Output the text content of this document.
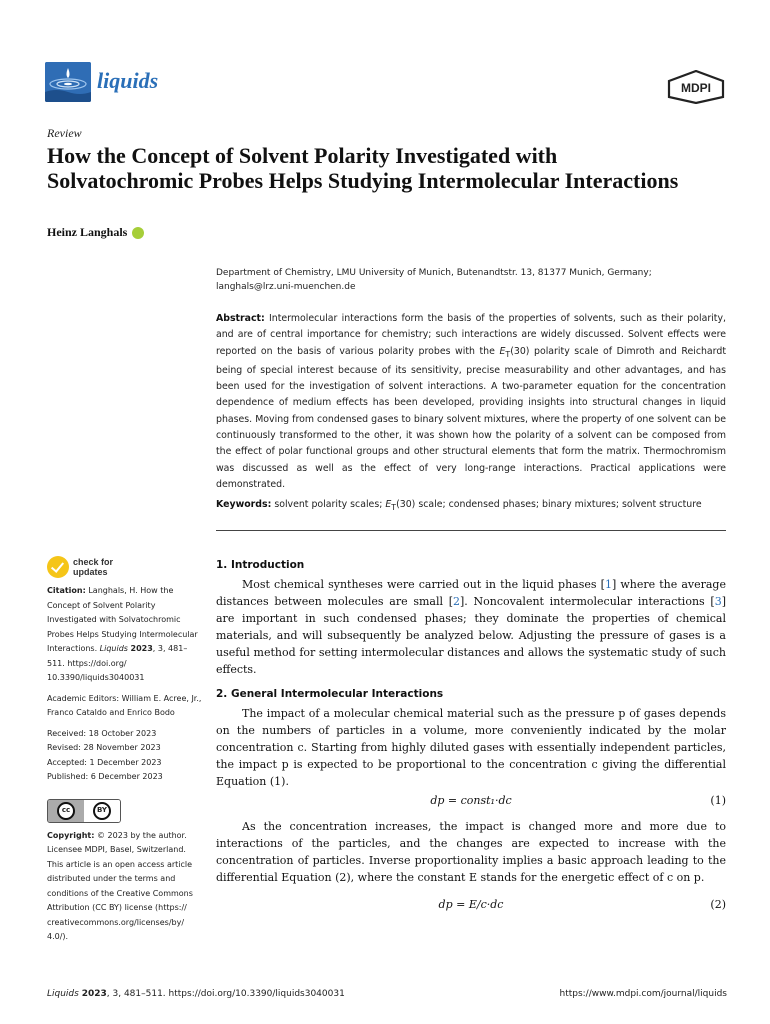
liquids	MDPI
Review
How the Concept of Solvent Polarity Investigated with Solvatochromic Probes Helps Studying Intermolecular Interactions
Heinz Langhals
Department of Chemistry, LMU University of Munich, Butenandtstr. 13, 81377 Munich, Germany;
langhals@lrz.uni-muenchen.de
Abstract: Intermolecular interactions form the basis of the properties of solvents, such as their polarity, and are of central importance for chemistry; such interactions are widely discussed. Solvent effects were reported on the basis of various polarity probes with the $E_T(30)$ polarity scale of Dimroth and Reichardt being of special interest because of its sensitivity, precise measurability and other advantages, and has been used for the investigation of solvent interactions. A two-parameter equation for the concentration dependence of medium effects has been developed, providing insights into structural changes in liquid phases. Moving from condensed gases to binary solvent mixtures, where the property of one solvent can be continuously transformed to the other, it was shown how the polarity of a solvent can be composed from the effect of polar functional groups and other structural elements that form the matrix. Thermochromism was discussed as well as the effect of very long-range interactions. Practical applications were demonstrated.
Keywords: solvent polarity scales; $E_T(30)$ scale; condensed phases; binary mixtures; solvent structure
check for
updates
Citation: Langhals, H. How the Concept of Solvent Polarity Investigated with Solvatochromic Probes Helps Studying Intermolecular Interactions. Liquids 2023, 3, 481–511. https://doi.org/ 10.3390/liquids3040031
Academic Editors: William E. Acree, Jr., Franco Cataldo and Enrico Bodo
Received: 18 October 2023
Revised: 28 November 2023
Accepted: 1 December 2023
Published: 6 December 2023
cc	BY
Copyright: © 2023 by the author. Licensee MDPI, Basel, Switzerland. This article is an open access article distributed under the terms and conditions of the Creative Commons Attribution (CC BY) license (https:// creativecommons.org/licenses/by/ 4.0/).
1. Introduction
Most chemical syntheses were carried out in the liquid phases [1] where the average distances between molecules are small [2]. Noncovalent intermolecular interactions [3] are important in such condensed phases; they dominate the properties of chemical materials, and will subsequently be analyzed below. Adjusting the pressure of gases is a useful method for setting intermolecular distances and allows the systematic study of such effects.
2. General Intermolecular Interactions
The impact of a molecular chemical material such as the pressure p of gases depends on the numbers of particles in a volume, more conveniently indicated by the molar concentration c. Starting from highly diluted gases with essentially independent particles, the impact p is expected to be proportional to the concentration c giving the differential Equation (1).
dp = const₁·dc	(1)
As the concentration increases, the impact is changed more and more due to interactions of the particles, and the changes are expected to increase with the concentration of particles. Inverse proportionality implies a basic approach leading to the differential Equation (2), where the constant E stands for the energetic effect of c on p.
dp = E/c·dc	(2)
Liquids 2023, 3, 481–511. https://doi.org/10.3390/liquids3040031	https://www.mdpi.com/journal/liquids
